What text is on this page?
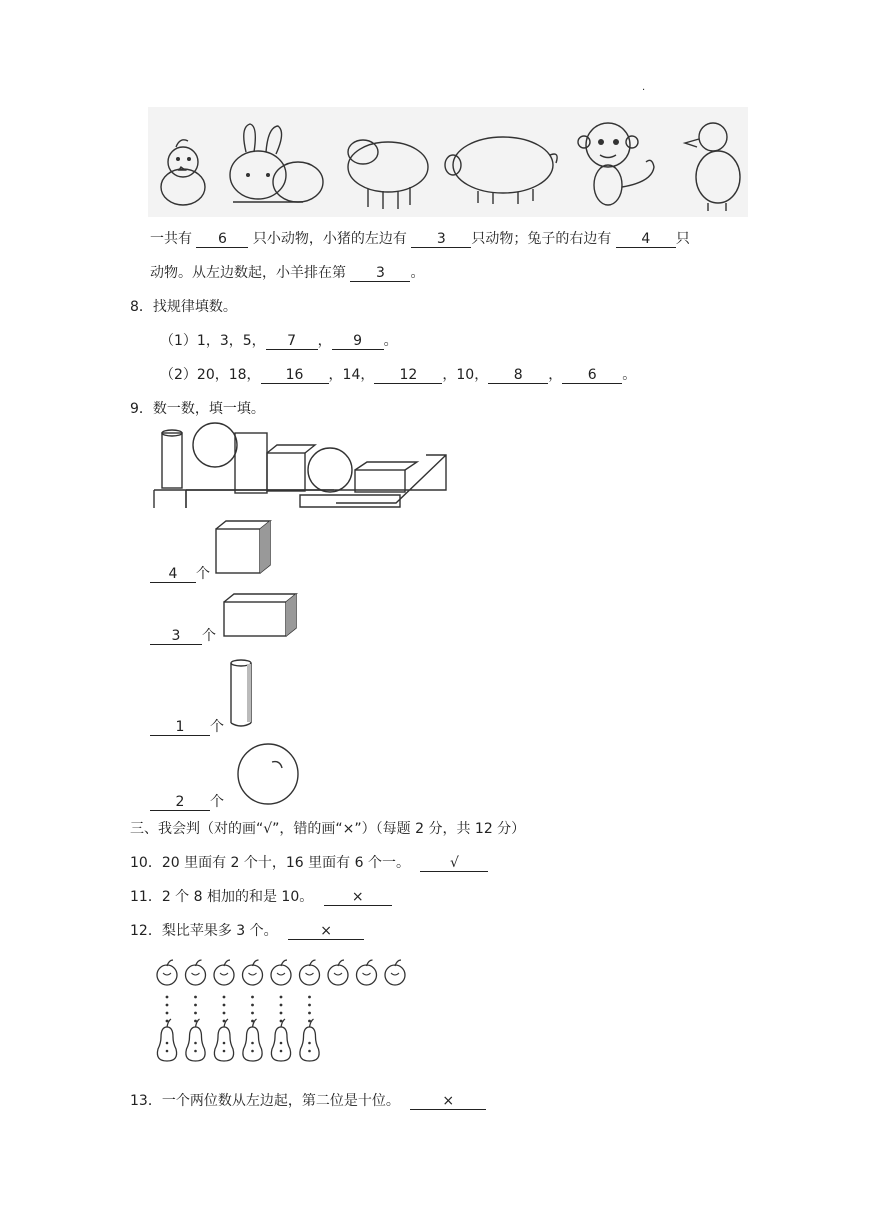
.
一共有 6 只小动物，小猪的左边有 3 只动物；兔子的右边有 4 只
动物。从左边数起，小羊排在第 3 。
8．找规律填数。
（1）1，3，5， 7 ， 9 。
（2）20，18， 16 ，14， 12 ，10， 8 ， 6 。
9．数一数，填一填。
4 个
3 个
1 个
2 个
三、我会判（对的画“√”，错的画“×”）（每题 2 分，共 12 分）
10．20 里面有 2 个十，16 里面有 6 个一。	√
11．2 个 8 相加的和是 10。	×
12．梨比苹果多 3 个。	×
13．一个两位数从左边起，第二位是十位。	×
